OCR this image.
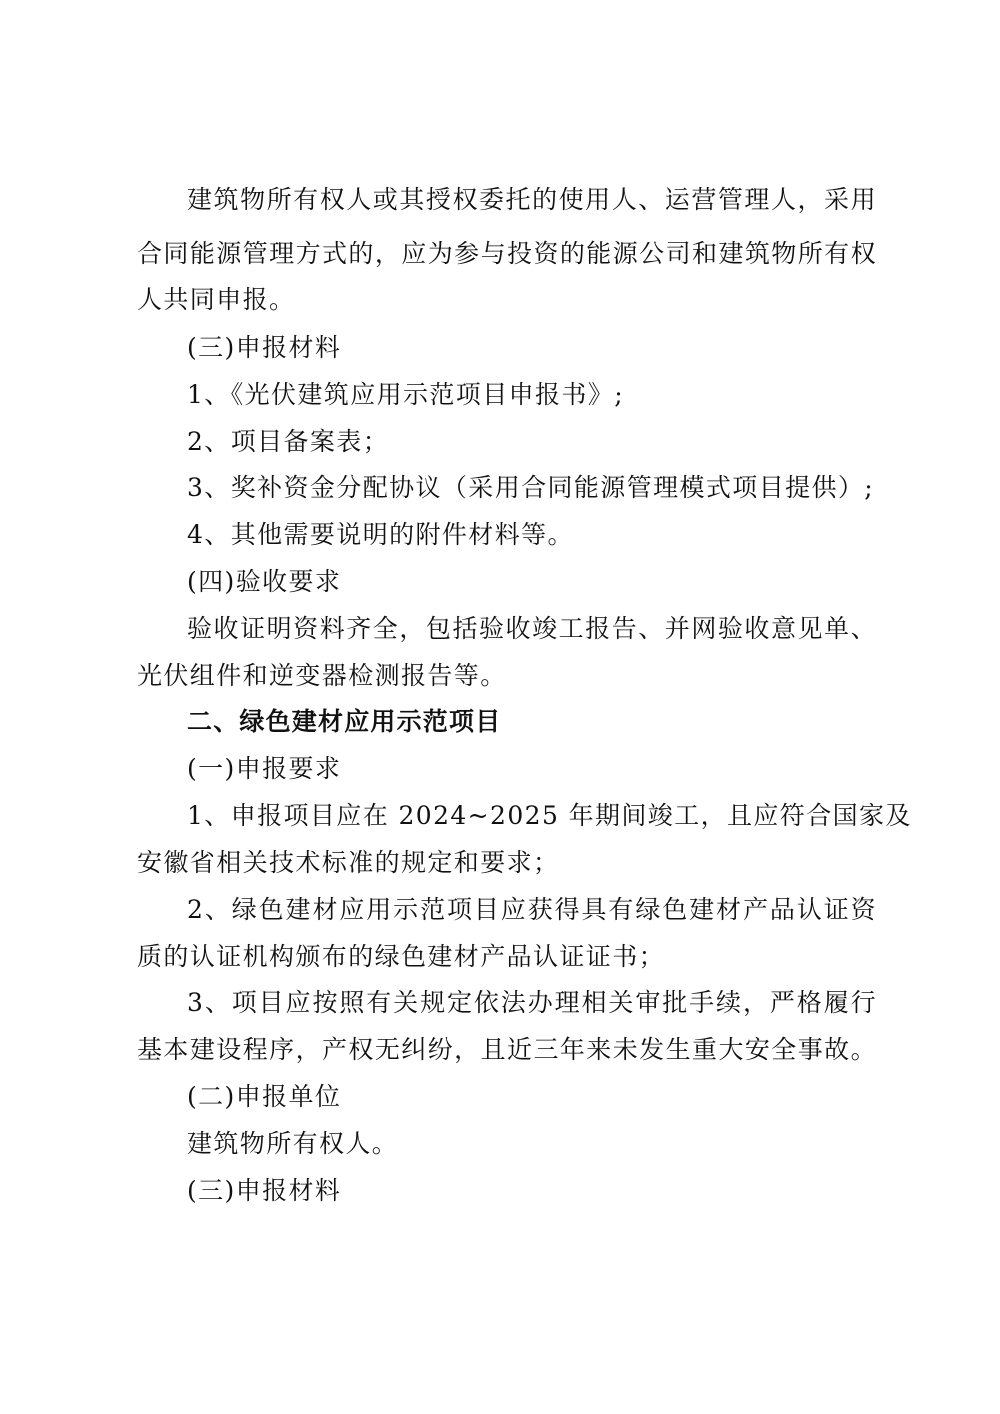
建筑物所有权人或其授权委托的使用人、运营管理人，采用
合同能源管理方式的，应为参与投资的能源公司和建筑物所有权
人共同申报。
(三)申报材料
1、《光伏建筑应用示范项目申报书》;
2、项目备案表；
3、奖补资金分配协议（采用合同能源管理模式项目提供）;
4、其他需要说明的附件材料等。
(四)验收要求
验收证明资料齐全，包括验收竣工报告、并网验收意见单、
光伏组件和逆变器检测报告等。
二、绿色建材应用示范项目
(一)申报要求
1、申报项目应在 2024~2025 年期间竣工，且应符合国家及
安徽省相关技术标准的规定和要求；
2、绿色建材应用示范项目应获得具有绿色建材产品认证资
质的认证机构颁布的绿色建材产品认证证书；
3、项目应按照有关规定依法办理相关审批手续，严格履行
基本建设程序，产权无纠纷，且近三年来未发生重大安全事故。
(二)申报单位
建筑物所有权人。
(三)申报材料
